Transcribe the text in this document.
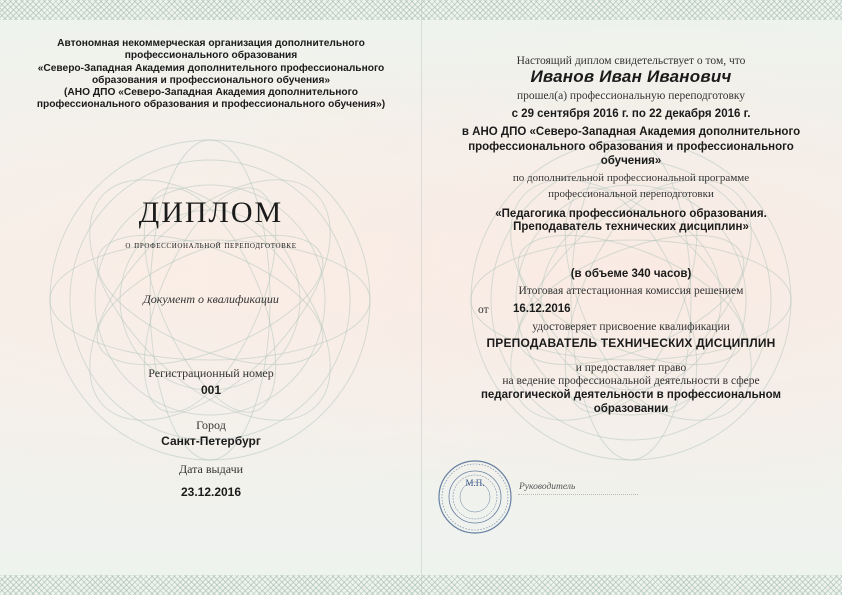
Автономная некоммерческая организация дополнительного
профессионального образования
«Северо-Западная Академия дополнительного профессионального
образования и профессионального обучения»
(АНО ДПО «Северо-Западная Академия дополнительного
профессионального образования и профессионального обучения»)
ДИПЛОМ
о профессиональной переподготовке
Документ о квалификации
Регистрационный номер
001
Город
Санкт-Петербург
Дата выдачи
23.12.2016
Настоящий диплом свидетельствует о том, что
Иванов Иван Иванович
прошел(а) профессиональную переподготовку
с 29 сентября 2016 г. по 22 декабря 2016 г.
в АНО ДПО «Северо-Западная Академия дополнительного
профессионального образования и профессионального
обучения»
по дополнительной профессиональной программе
профессиональной переподготовки
«Педагогика профессионального образования.
Преподаватель технических дисциплин»
(в объеме 340 часов)
Итоговая аттестационная комиссия решением
от 16.12.2016
удостоверяет присвоение квалификации
ПРЕПОДАВАТЕЛЬ ТЕХНИЧЕСКИХ ДИСЦИПЛИН
и предоставляет право
на ведение профессиональной деятельности в сфере
педагогической деятельности в профессиональном
образовании
М.П.	Руководитель
